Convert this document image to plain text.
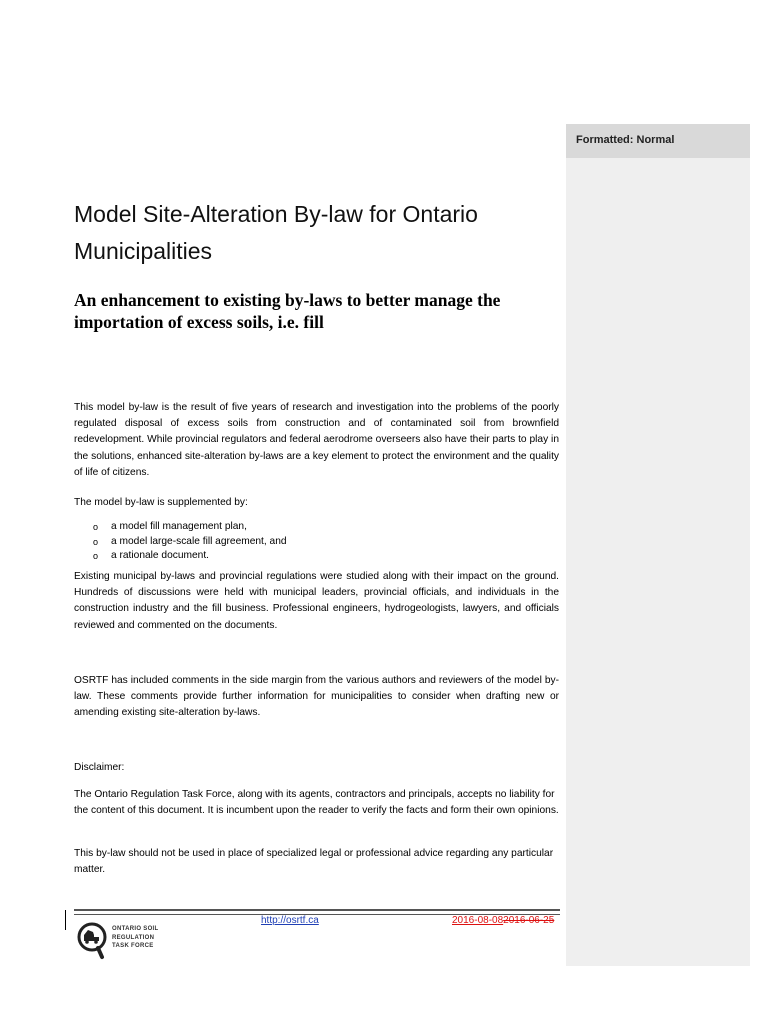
Formatted: Normal
Model Site-Alteration By-law for Ontario Municipalities
An enhancement to existing by-laws to better manage the importation of excess soils, i.e. fill

This model by-law is the result of five years of research and investigation into the problems of the poorly regulated disposal of excess soils from construction and of contaminated soil from brownfield redevelopment. While provincial regulators and federal aerodrome overseers also have their parts to play in the solutions, enhanced site-alteration by-laws are a key element to protect the environment and the quality of life of citizens.

The model by-law is supplemented by:

o	a model fill management plan,
o	a model large-scale fill agreement, and
o	a rationale document.

Existing municipal by-laws and provincial regulations were studied along with their impact on the ground. Hundreds of discussions were held with municipal leaders, provincial officials, and individuals in the construction industry and the fill business. Professional engineers, hydrogeologists, lawyers, and officials reviewed and commented on the documents.

OSRTF has included comments in the side margin from the various authors and reviewers of the model by-law. These comments provide further information for municipalities to consider when drafting new or amending existing site-alteration by-laws.

Disclaimer:

The Ontario Regulation Task Force, along with its agents, contractors and principals, accepts no liability for the content of this document. It is incumbent upon the reader to verify the facts and form their own opinions.

This by-law should not be used in place of specialized legal or professional advice regarding any particular matter.

http://osrtf.ca	2016-08-082016-06-25
ONTARIO SOIL
REGULATION
TASK FORCE
